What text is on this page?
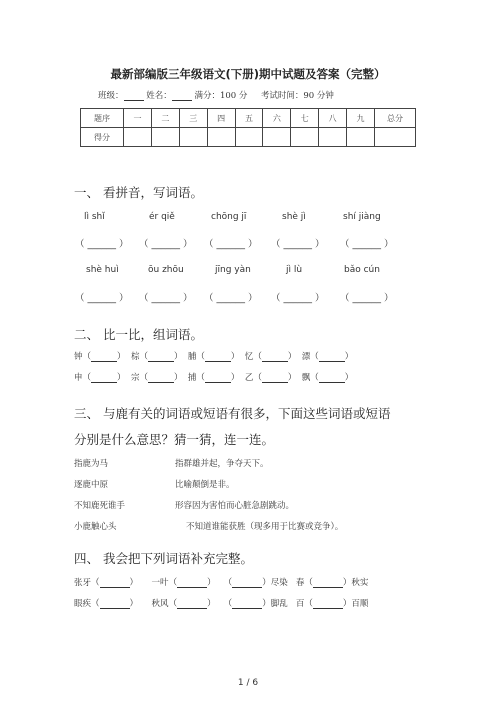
最新部编版三年级语文(下册)期中试题及答案（完整）
班级：	姓名：	满分：100 分 考试时间：90 分钟
题序	一	二	三	四	五	六	七	八	九	总分
得分										
一、 看拼音，写词语。
lì shǐ	ér qiě	chōng jī	shè jì	shí jiàng
（ ______ ） （ ______ ） （ ______ ） （ ______ ） （ ______ ）
shè huì	ōu zhōu	jīng yàn	jì lù	bǎo cún
（ ______ ） （ ______ ） （ ______ ） （ ______ ） （ ______ ）
二、 比一比，组词语。
钟（	）  棕（	）  脯（	）  忆（	）  漂（	）
申（	）  宗（	）  捕（	）  乙（	）  飘（	）
三、 与鹿有关的词语或短语有很多，下面这些词语或短语
分别是什么意思？猜一猜，连一连。
指鹿为马
逐鹿中原
不知鹿死谁手
小鹿触心头
指群雄并起，争夺天下。
比喻颠倒是非。
形容因为害怕而心脏急剧跳动。
不知道谁能获胜（现多用于比赛或竞争）。
四、 我会把下列词语补充完整。
张牙（	）     一叶（	）   （	）尽染 春（	）秋实
眼疾（	）     秋风（	）   （	）脚乱 百（	）百顺
1 / 6
